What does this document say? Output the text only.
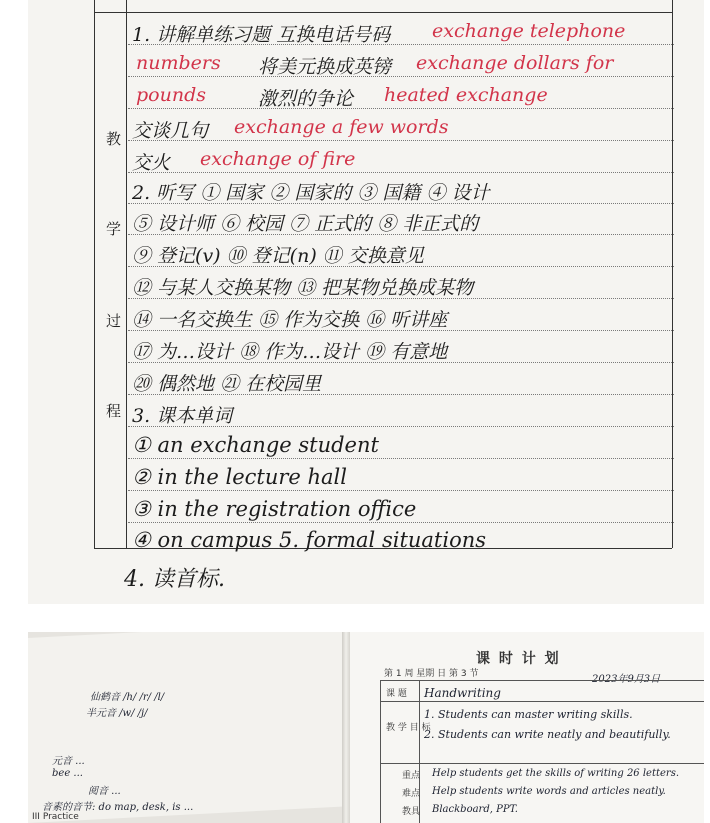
教
学
过
程
1. 讲解单练习题 互换电话号码 exchange telephone
numbers 将美元换成英镑 exchange dollars for
pounds	激烈的争论 heated exchange
交谈几句 exchange a few words
交火 exchange of fire
2. 听写 ① 国家 ② 国家的 ③ 国籍 ④ 设计
⑤ 设计师 ⑥ 校园 ⑦ 正式的 ⑧ 非正式的
⑨ 登记(v) ⑩ 登记(n) ⑪ 交换意见
⑫ 与某人交换某物 ⑬ 把某物兑换成某物
⑭ 一名交换生 ⑮ 作为交换 ⑯ 听讲座
⑰ 为…设计 ⑱ 作为…设计 ⑲ 有意地
⑳ 偶然地 ㉑ 在校园里
3. 课本单词
① an exchange student
② in the lecture hall
③ in the registration office
④ on campus 5. formal situations
4. 读首标.
仙鹤音 /h/ /r/ /l/
半元音 /w/ /j/
元音 ...
bee ...
阅音 ...
音素的音节: do map, desk, is ...
III Practice
课 时 计 划
第 1 周 星期 日 第 3 节	2023年9月3日
课 题 Handwriting
教 学 目 标
1. Students can master writing skills.
2. Students can write neatly and beautifully.
重点 Help students get the skills of writing 26 letters.
难点 Help students write words and articles neatly.
教具 Blackboard, PPT.
